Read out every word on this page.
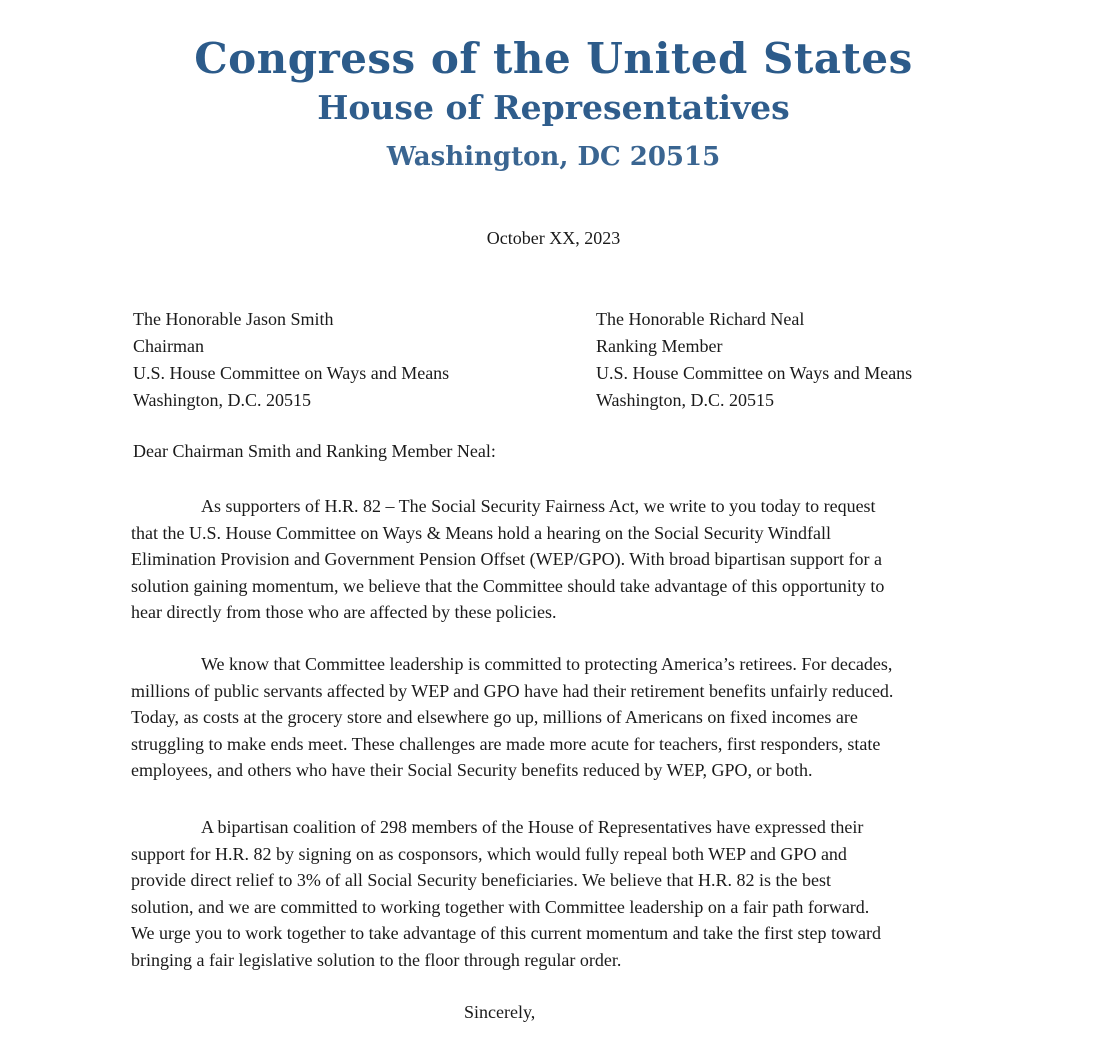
Congress of the United States
House of Representatives
Washington, DC 20515
October XX, 2023
The Honorable Jason Smith
Chairman
U.S. House Committee on Ways and Means
Washington, D.C. 20515
The Honorable Richard Neal
Ranking Member
U.S. House Committee on Ways and Means
Washington, D.C. 20515
Dear Chairman Smith and Ranking Member Neal:
As supporters of H.R. 82 – The Social Security Fairness Act, we write to you today to request
that the U.S. House Committee on Ways & Means hold a hearing on the Social Security Windfall
Elimination Provision and Government Pension Offset (WEP/GPO). With broad bipartisan support for a
solution gaining momentum, we believe that the Committee should take advantage of this opportunity to
hear directly from those who are affected by these policies.
We know that Committee leadership is committed to protecting America’s retirees. For decades,
millions of public servants affected by WEP and GPO have had their retirement benefits unfairly reduced.
Today, as costs at the grocery store and elsewhere go up, millions of Americans on fixed incomes are
struggling to make ends meet. These challenges are made more acute for teachers, first responders, state
employees, and others who have their Social Security benefits reduced by WEP, GPO, or both.
A bipartisan coalition of 298 members of the House of Representatives have expressed their
support for H.R. 82 by signing on as cosponsors, which would fully repeal both WEP and GPO and
provide direct relief to 3% of all Social Security beneficiaries. We believe that H.R. 82 is the best
solution, and we are committed to working together with Committee leadership on a fair path forward.
We urge you to work together to take advantage of this current momentum and take the first step toward
bringing a fair legislative solution to the floor through regular order.
Sincerely,
